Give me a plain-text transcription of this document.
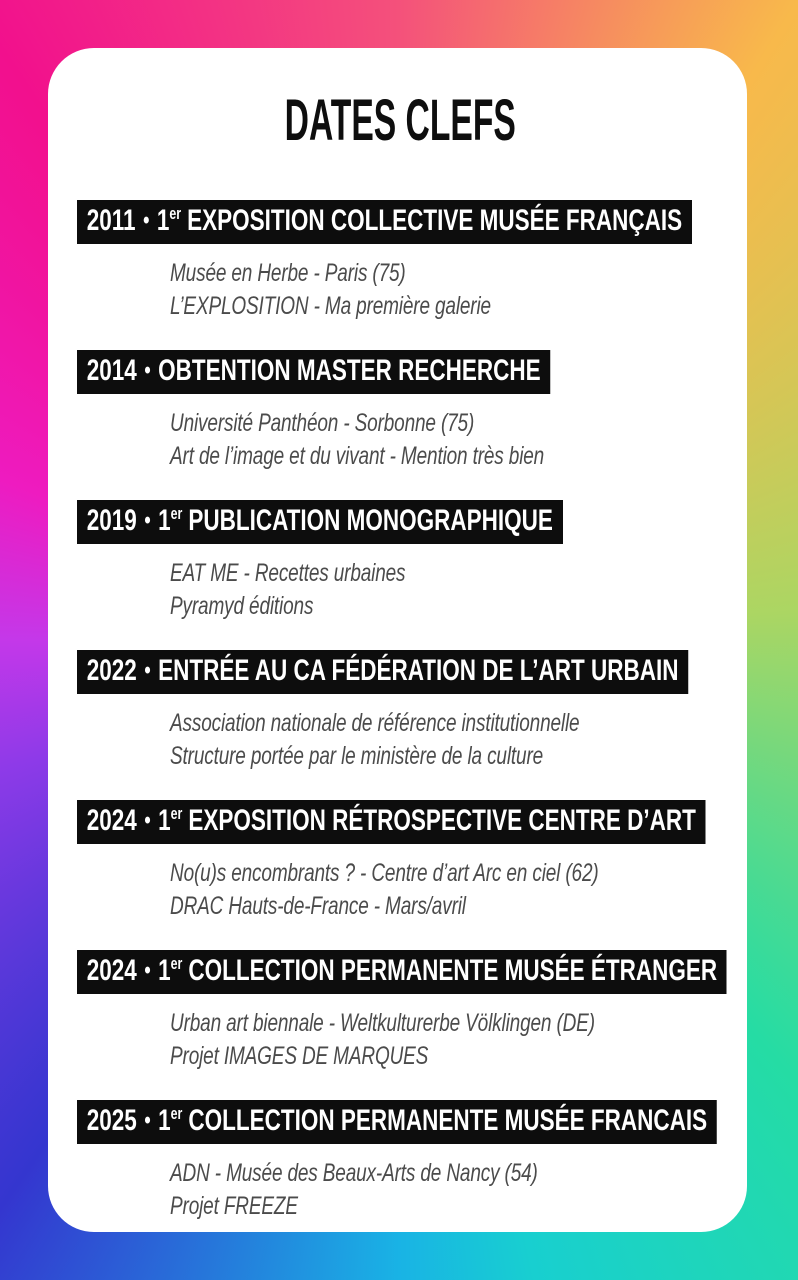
DATES CLEFS
2011 • 1er EXPOSITION COLLECTIVE MUSÉE FRANÇAIS

Musée en Herbe - Paris (75)

L’EXPLOSITION - Ma première galerie

2014 • OBTENTION MASTER RECHERCHE

Université Panthéon - Sorbonne (75)

Art de l’image et du vivant - Mention très bien

2019 • 1er PUBLICATION MONOGRAPHIQUE

EAT ME - Recettes urbaines

Pyramyd éditions

2022 • ENTRÉE AU CA FÉDÉRATION DE L’ART URBAIN

Association nationale de référence institutionnelle

Structure portée par le ministère de la culture

2024 • 1er EXPOSITION RÉTROSPECTIVE CENTRE D’ART

No(u)s encombrants ? - Centre d’art Arc en ciel (62)

DRAC Hauts-de-France - Mars/avril

2024 • 1er COLLECTION PERMANENTE MUSÉE ÉTRANGER

Urban art biennale - Weltkulturerbe Völklingen (DE)

Projet IMAGES DE MARQUES

2025 • 1er COLLECTION PERMANENTE MUSÉE FRANCAIS

ADN - Musée des Beaux-Arts de Nancy (54)

Projet FREEZE
